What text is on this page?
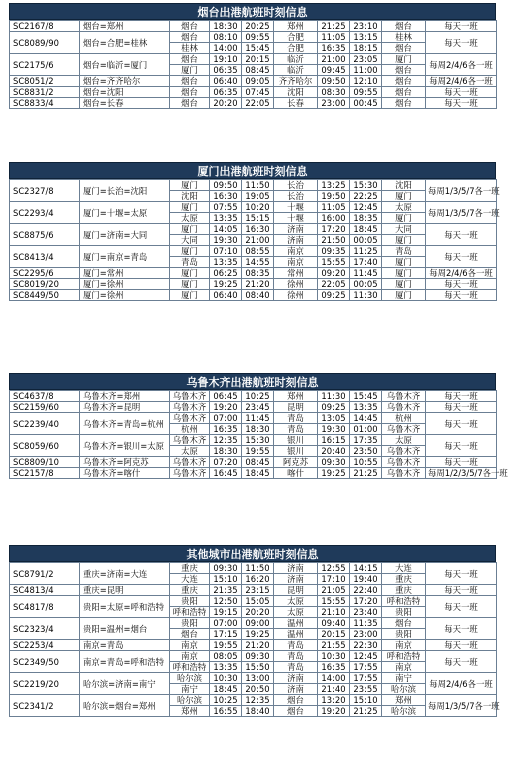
烟台出港航班时刻信息
SC2167/8	烟台=郑州	烟台	18:30	20:25	郑州	21:25	23:10	烟台	每天一班
SC8089/90	烟台=合肥=桂林	烟台	08:10	09:55	合肥	11:05	13:15	桂林	每天一班
		桂林	14:00	15:45	合肥	16:35	18:15	烟台	
SC2175/6	烟台=临沂=厦门	烟台	19:10	20:15	临沂	21:00	23:05	厦门	每周2/4/6各一班
		厦门	06:35	08:45	临沂	09:45	11:00	烟台	
SC8051/2	烟台=齐齐哈尔	烟台	06:40	09:05	齐齐哈尔	09:50	12:10	烟台	每周2/4/6各一班
SC8831/2	烟台=沈阳	烟台	06:35	07:45	沈阳	08:30	09:55	烟台	每天一班
SC8833/4	烟台=长春	烟台	20:20	22:05	长春	23:00	00:45	烟台	每天一班
厦门出港航班时刻信息
SC2327/8	厦门=长治=沈阳	厦门	09:50	11:50	长治	13:25	15:30	沈阳	每周1/3/5/7各一班
		沈阳	16:30	19:05	长治	19:50	22:25	厦门	
SC2293/4	厦门=十堰=太原	厦门	07:55	10:20	十堰	11:05	12:45	太原	每周1/3/5/7各一班
		太原	13:35	15:15	十堰	16:00	18:35	厦门	
SC8875/6	厦门=济南=大同	厦门	14:05	16:30	济南	17:20	18:45	大同	每天一班
		大同	19:30	21:00	济南	21:50	00:05	厦门	
SC8413/4	厦门=南京=青岛	厦门	07:10	08:55	南京	09:35	11:25	青岛	每天一班
		青岛	13:35	14:55	南京	15:55	17:40	厦门	
SC2295/6	厦门=常州	厦门	06:25	08:35	常州	09:20	11:45	厦门	每周2/4/6各一班
SC8019/20	厦门=徐州	厦门	19:25	21:20	徐州	22:05	00:05	厦门	每天一班
SC8449/50	厦门=徐州	厦门	06:40	08:40	徐州	09:25	11:30	厦门	每天一班
乌鲁木齐出港航班时刻信息
SC4637/8	乌鲁木齐=郑州	乌鲁木齐	06:45	10:25	郑州	11:30	15:45	乌鲁木齐	每天一班
SC2159/60	乌鲁木齐=昆明	乌鲁木齐	19:20	23:45	昆明	09:25	13:35	乌鲁木齐	每天一班
SC2239/40	乌鲁木齐=青岛=杭州	乌鲁木齐	07:00	11:45	青岛	13:05	14:45	杭州	每天一班
		杭州	16:35	18:30	青岛	19:30	01:00	乌鲁木齐	
SC8059/60	乌鲁木齐=银川=太原	乌鲁木齐	12:35	15:30	银川	16:15	17:35	太原	每天一班
		太原	18:30	19:55	银川	20:40	23:50	乌鲁木齐	
SC8809/10	乌鲁木齐=阿克苏	乌鲁木齐	07:20	08:45	阿克苏	09:30	10:55	乌鲁木齐	每天一班
SC2157/8	乌鲁木齐=喀什	乌鲁木齐	16:45	18:45	喀什	19:25	21:25	乌鲁木齐	每周1/2/3/5/7各一班
其他城市出港航班时刻信息
SC8791/2	重庆=济南=大连	重庆	09:30	11:50	济南	12:55	14:15	大连	每天一班
		大连	15:10	16:20	济南	17:10	19:40	重庆	
SC4813/4	重庆=昆明	重庆	21:35	23:15	昆明	21:05	22:40	重庆	每天一班
SC4817/8	贵阳=太原=呼和浩特	贵阳	12:50	15:05	太原	15:55	17:20	呼和浩特	每天一班
		呼和浩特	19:15	20:20	太原	21:10	23:40	贵阳	
SC2323/4	贵阳=温州=烟台	贵阳	07:00	09:00	温州	09:40	11:35	烟台	每天一班
		烟台	17:15	19:25	温州	20:15	23:00	贵阳	
SC2253/4	南京=青岛	南京	19:55	21:20	青岛	21:55	22:30	南京	每天一班
SC2349/50	南京=青岛=呼和浩特	南京	08:05	09:30	青岛	10:30	12:45	呼和浩特	每天一班
		呼和浩特	13:35	15:50	青岛	16:35	17:55	南京	
SC2219/20	哈尔滨=济南=南宁	哈尔滨	10:30	13:00	济南	14:00	17:55	南宁	每周2/4/6各一班
		南宁	18:45	20:50	济南	21:40	23:55	哈尔滨	
SC2341/2	哈尔滨=烟台=郑州	哈尔滨	10:25	12:35	烟台	13:20	15:10	郑州	每周1/3/5/7各一班
		郑州	16:55	18:40	烟台	19:20	21:25	哈尔滨	
